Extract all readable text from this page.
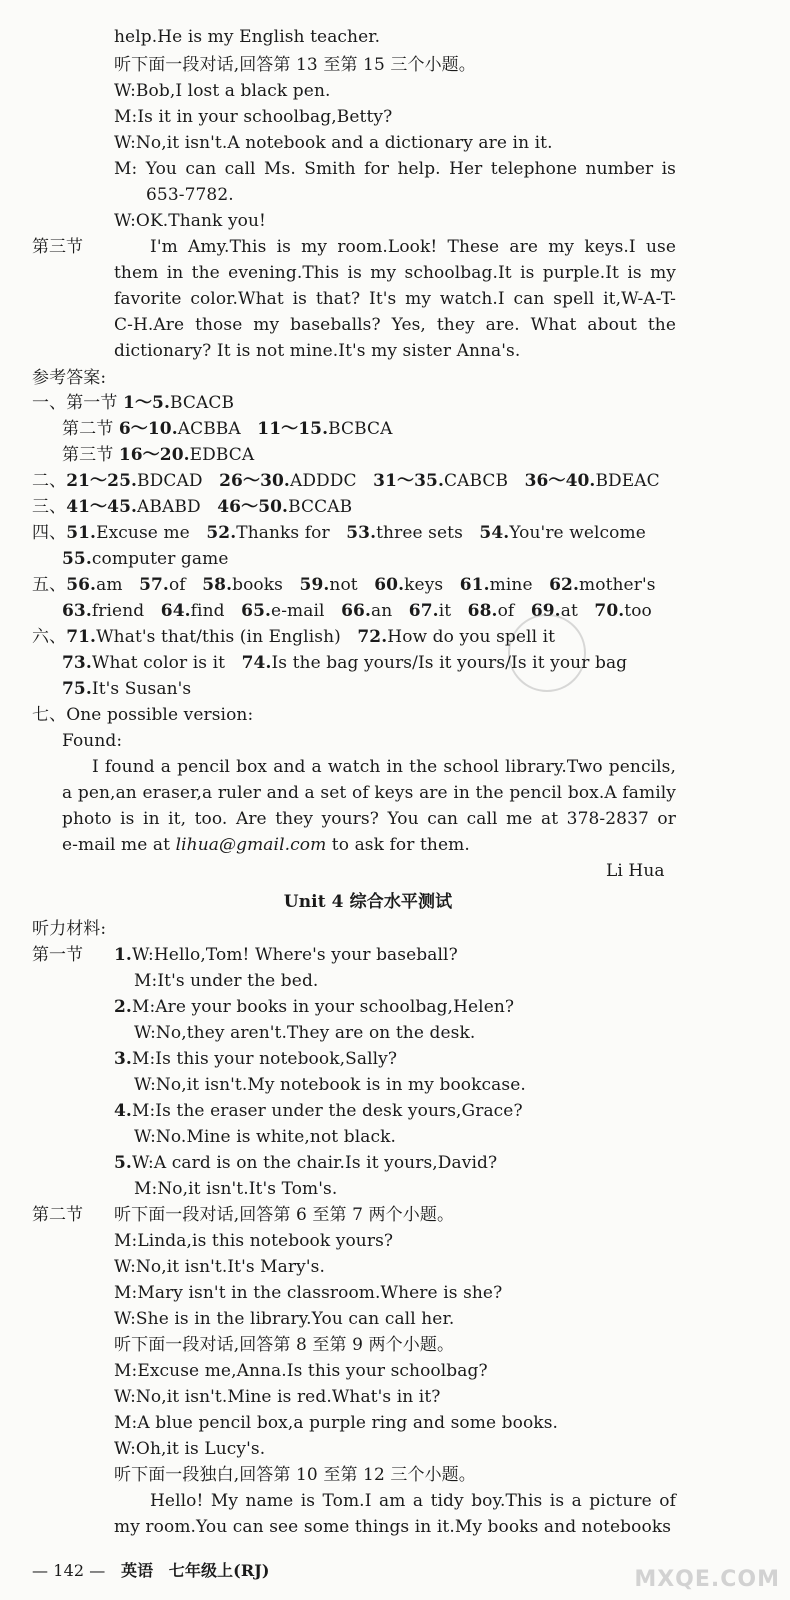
help.He is my English teacher.
听下面一段对话,回答第 13 至第 15 三个小题。
W:Bob,I lost a black pen.
M:Is it in your schoolbag,Betty?
W:No,it isn't.A notebook and a dictionary are in it.
M: You can call Ms. Smith for help. Her telephone number is
653-7782.
W:OK.Thank you!
第三节	I'm Amy.This is my room.Look! These are my keys.I use
them in the evening.This is my schoolbag.It is purple.It is my
favorite color.What is that? It's my watch.I can spell it,W-A-T-
C-H.Are those my baseballs? Yes, they are. What about the
dictionary? It is not mine.It's my sister Anna's.
参考答案:
一、第一节 1～5.BCACB
第二节 6～10.ACBBA 11～15.BCBCA
第三节 16～20.EDBCA
二、21～25.BDCAD 26～30.ADDDC 31～35.CABCB 36～40.BDEAC
三、41～45.ABABD 46～50.BCCAB
四、51.Excuse me 52.Thanks for 53.three sets 54.You're welcome
55.computer game
五、56.am 57.of 58.books 59.not 60.keys 61.mine 62.mother's
63.friend 64.find 65.e-mail 66.an 67.it 68.of 69.at 70.too
六、71.What's that/this (in English) 72.How do you spell it
73.What color is it 74.Is the bag yours/Is it yours/Is it your bag
75.It's Susan's
七、One possible version:
Found:
I found a pencil box and a watch in the school library.Two pencils,
a pen,an eraser,a ruler and a set of keys are in the pencil box.A family
photo is in it, too. Are they yours? You can call me at 378-2837 or
e-mail me at lihua@gmail.com to ask for them.
Li Hua
Unit 4 综合水平测试
听力材料:
第一节 1.W:Hello,Tom! Where's your baseball?
M:It's under the bed.
2.M:Are your books in your schoolbag,Helen?
W:No,they aren't.They are on the desk.
3.M:Is this your notebook,Sally?
W:No,it isn't.My notebook is in my bookcase.
4.M:Is the eraser under the desk yours,Grace?
W:No.Mine is white,not black.
5.W:A card is on the chair.Is it yours,David?
M:No,it isn't.It's Tom's.
第二节 听下面一段对话,回答第 6 至第 7 两个小题。
M:Linda,is this notebook yours?
W:No,it isn't.It's Mary's.
M:Mary isn't in the classroom.Where is she?
W:She is in the library.You can call her.
听下面一段对话,回答第 8 至第 9 两个小题。
M:Excuse me,Anna.Is this your schoolbag?
W:No,it isn't.Mine is red.What's in it?
M:A blue pencil box,a purple ring and some books.
W:Oh,it is Lucy's.
听下面一段独白,回答第 10 至第 12 三个小题。
Hello! My name is Tom.I am a tidy boy.This is a picture of
my room.You can see some things in it.My books and notebooks
— 142 — 英语 七年级上(RJ)	MXQE.COM
